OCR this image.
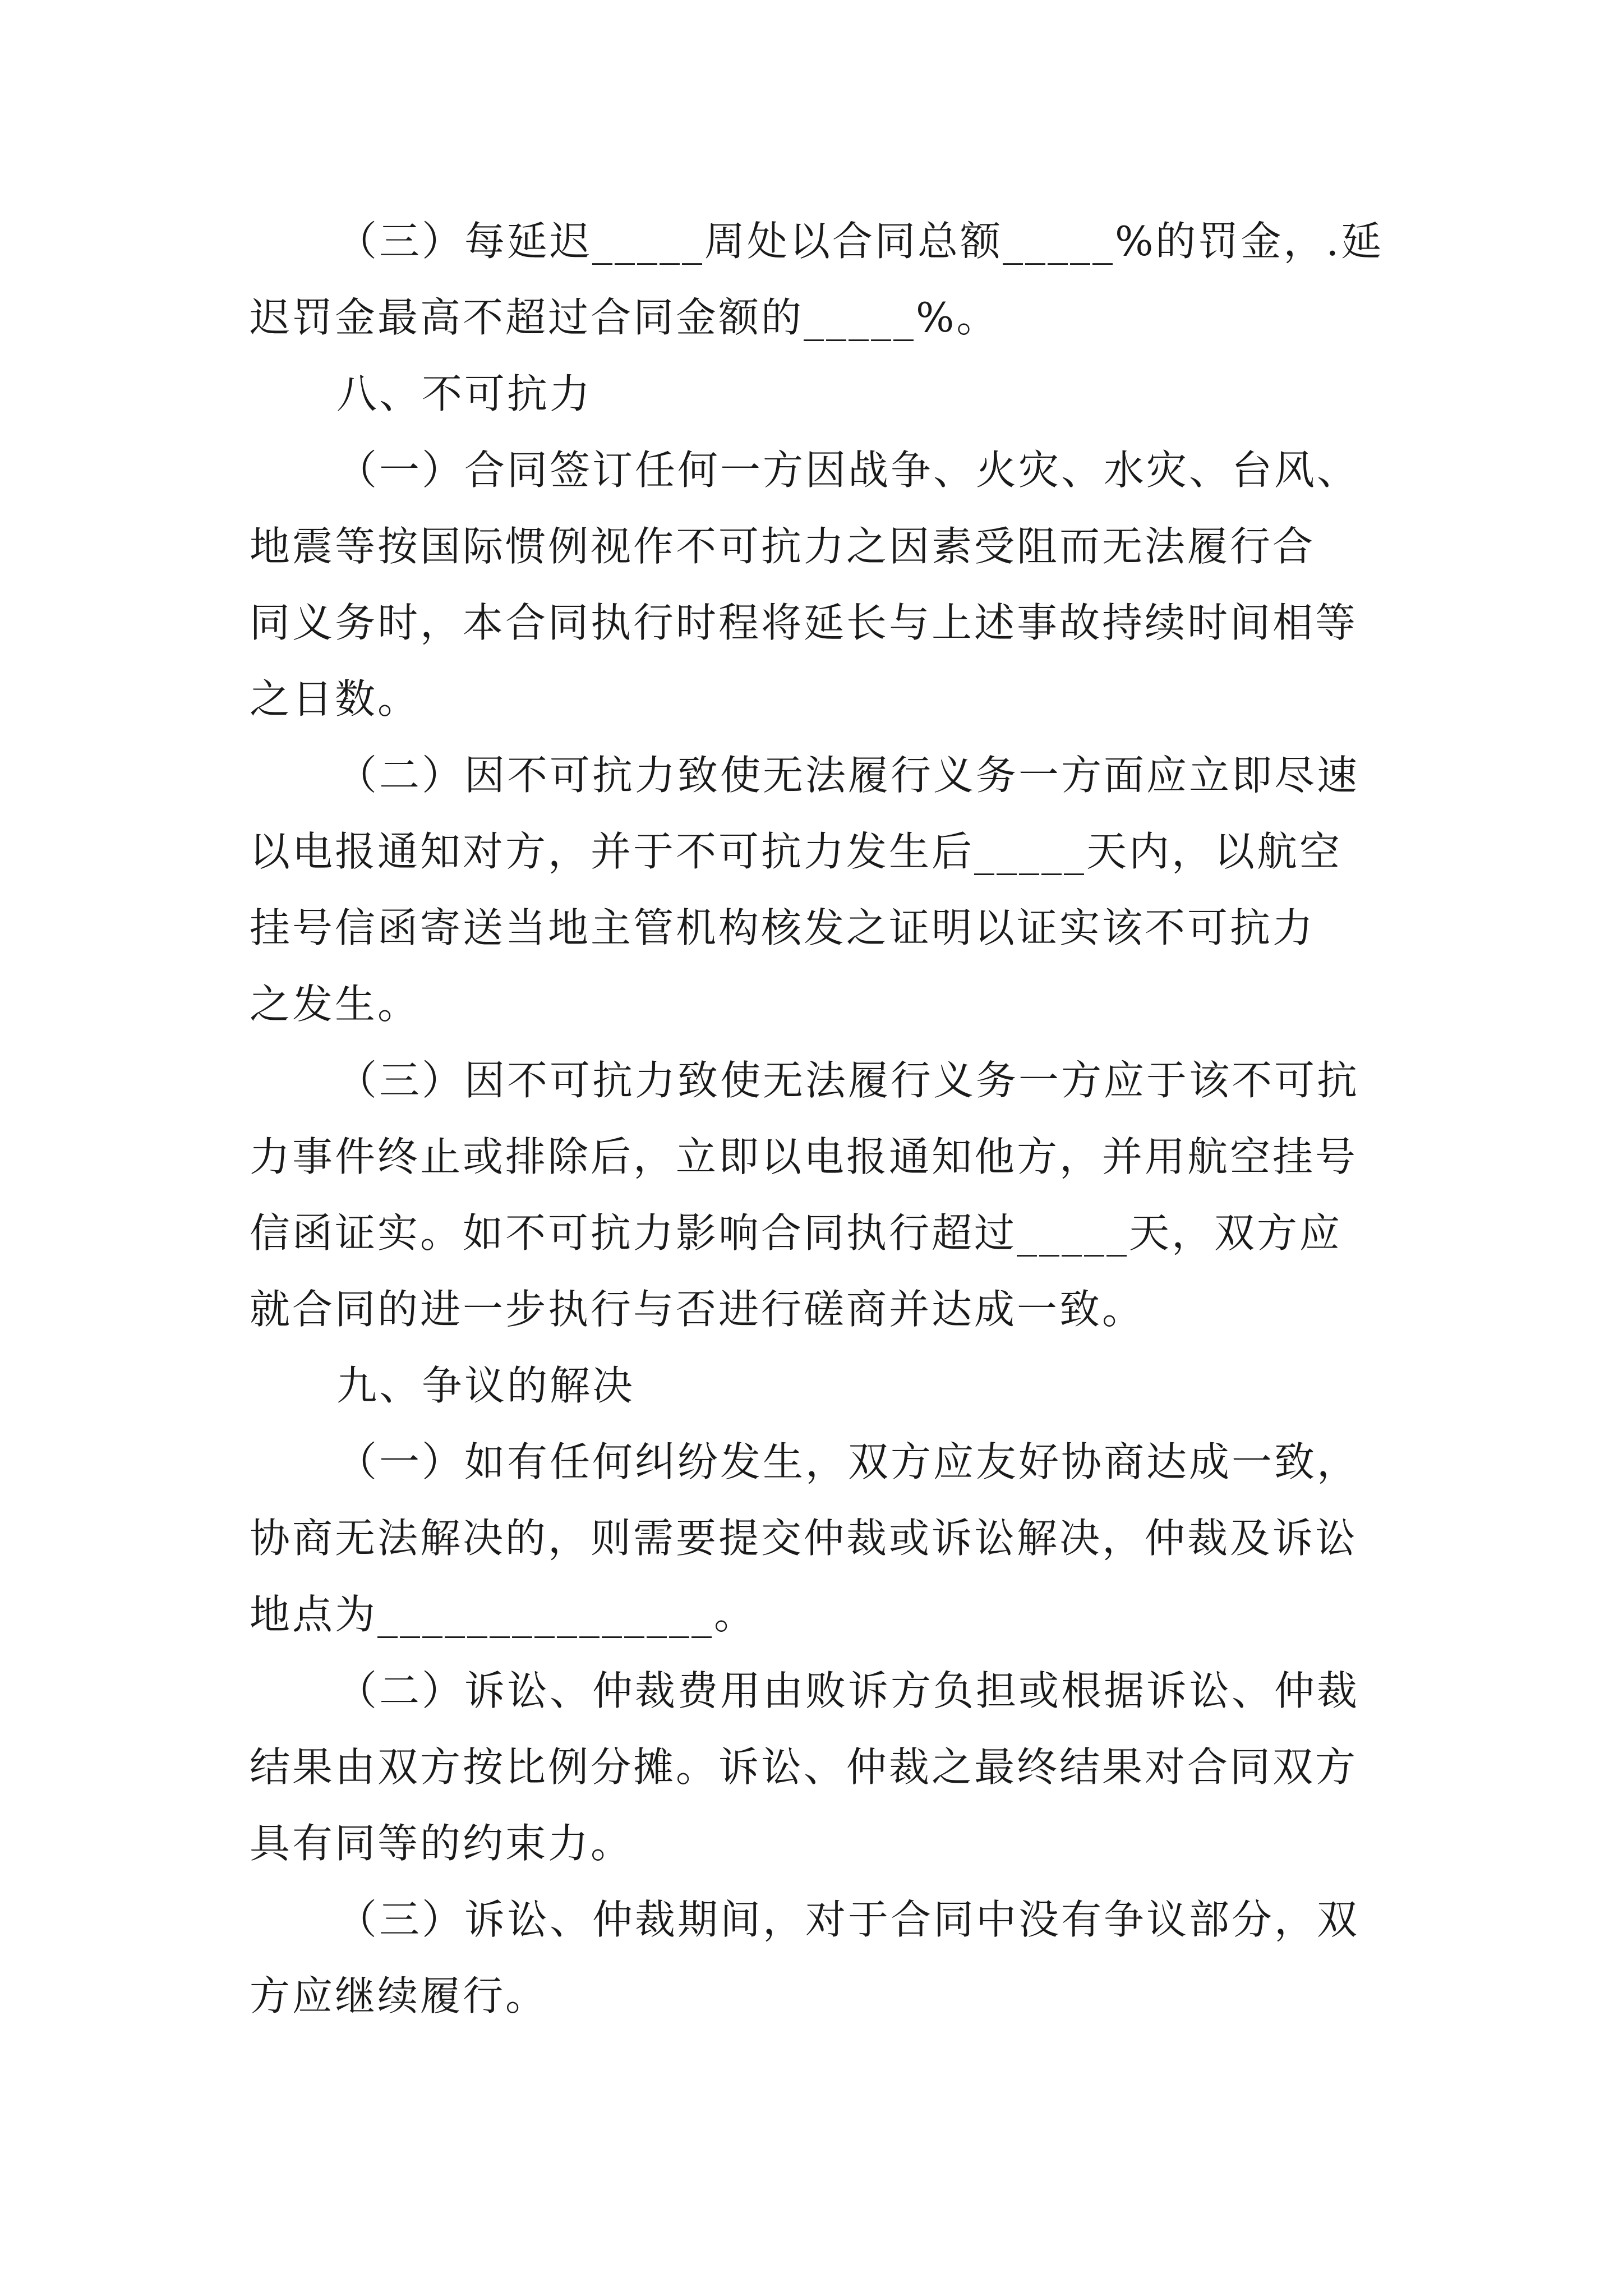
（三）每延迟_____周处以合同总额_____%的罚金，.延
迟罚金最高不超过合同金额的_____%。
八、不可抗力
（一）合同签订任何一方因战争、火灾、水灾、台风、
地震等按国际惯例视作不可抗力之因素受阻而无法履行合
同义务时，本合同执行时程将延长与上述事故持续时间相等
之日数。
（二）因不可抗力致使无法履行义务一方面应立即尽速
以电报通知对方，并于不可抗力发生后_____天内，以航空
挂号信函寄送当地主管机构核发之证明以证实该不可抗力
之发生。
（三）因不可抗力致使无法履行义务一方应于该不可抗
力事件终止或排除后，立即以电报通知他方，并用航空挂号
信函证实。如不可抗力影响合同执行超过_____天，双方应
就合同的进一步执行与否进行磋商并达成一致。
九、争议的解决
（一）如有任何纠纷发生，双方应友好协商达成一致，
协商无法解决的，则需要提交仲裁或诉讼解决，仲裁及诉讼
地点为_______________。
（二）诉讼、仲裁费用由败诉方负担或根据诉讼、仲裁
结果由双方按比例分摊。诉讼、仲裁之最终结果对合同双方
具有同等的约束力。
（三）诉讼、仲裁期间，对于合同中没有争议部分，双
方应继续履行。
